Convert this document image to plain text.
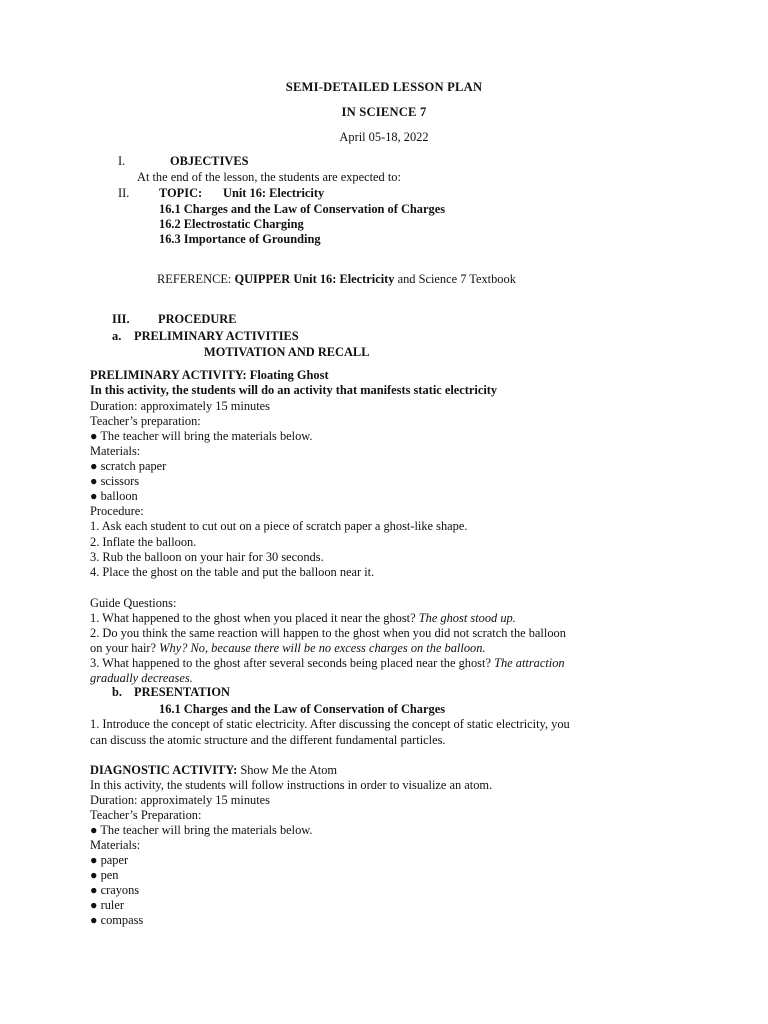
SEMI-DETAILED LESSON PLAN
IN SCIENCE 7
April 05-18, 2022
I.	OBJECTIVES
At the end of the lesson, the students are expected to:
II. TOPIC: Unit 16: Electricity
16.1 Charges and the Law of Conservation of Charges
16.2 Electrostatic Charging
16.3 Importance of Grounding
REFERENCE: QUIPPER Unit 16: Electricity and Science 7 Textbook
III. PROCEDURE
a. PRELIMINARY ACTIVITIES
MOTIVATION AND RECALL
PRELIMINARY ACTIVITY: Floating Ghost
In this activity, the students will do an activity that manifests static electricity
Duration: approximately 15 minutes
Teacher’s preparation:
● The teacher will bring the materials below.
Materials:
● scratch paper
● scissors
● balloon
Procedure:
1. Ask each student to cut out on a piece of scratch paper a ghost-like shape.
2. Inflate the balloon.
3. Rub the balloon on your hair for 30 seconds.
4. Place the ghost on the table and put the balloon near it.
Guide Questions:
1. What happened to the ghost when you placed it near the ghost? The ghost stood up.
2. Do you think the same reaction will happen to the ghost when you did not scratch the balloon
on your hair? Why? No, because there will be no excess charges on the balloon.
3. What happened to the ghost after several seconds being placed near the ghost? The attraction
gradually decreases.
b. PRESENTATION
16.1 Charges and the Law of Conservation of Charges
1. Introduce the concept of static electricity. After discussing the concept of static electricity, you
can discuss the atomic structure and the different fundamental particles.
DIAGNOSTIC ACTIVITY: Show Me the Atom
In this activity, the students will follow instructions in order to visualize an atom.
Duration: approximately 15 minutes
Teacher’s Preparation:
● The teacher will bring the materials below.
Materials:
● paper
● pen
● crayons
● ruler
● compass
